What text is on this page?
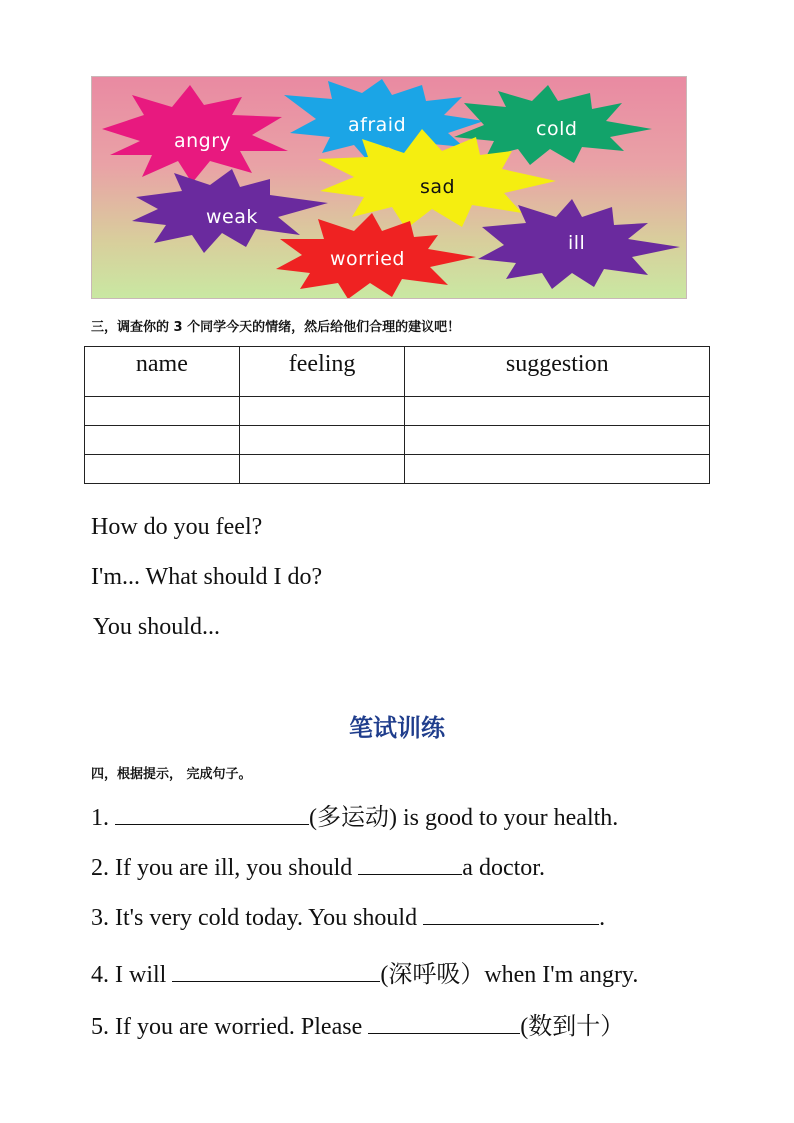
angry
afraid	cold
sad
weak
worried
ill
三，调查你的 3 个同学今天的情绪，然后给他们合理的建议吧！
name	feeling	suggestion

How do you feel?
I'm... What should I do?
You should...
笔试训练
四，根据提示， 完成句子。
1.	(多运动) is good to your health.
2. If you are ill, you should	a doctor.
3. It's very cold today. You should	.
4. I will	(深呼吸）when I'm angry.
5. If you are worried. Please	(数到十）
